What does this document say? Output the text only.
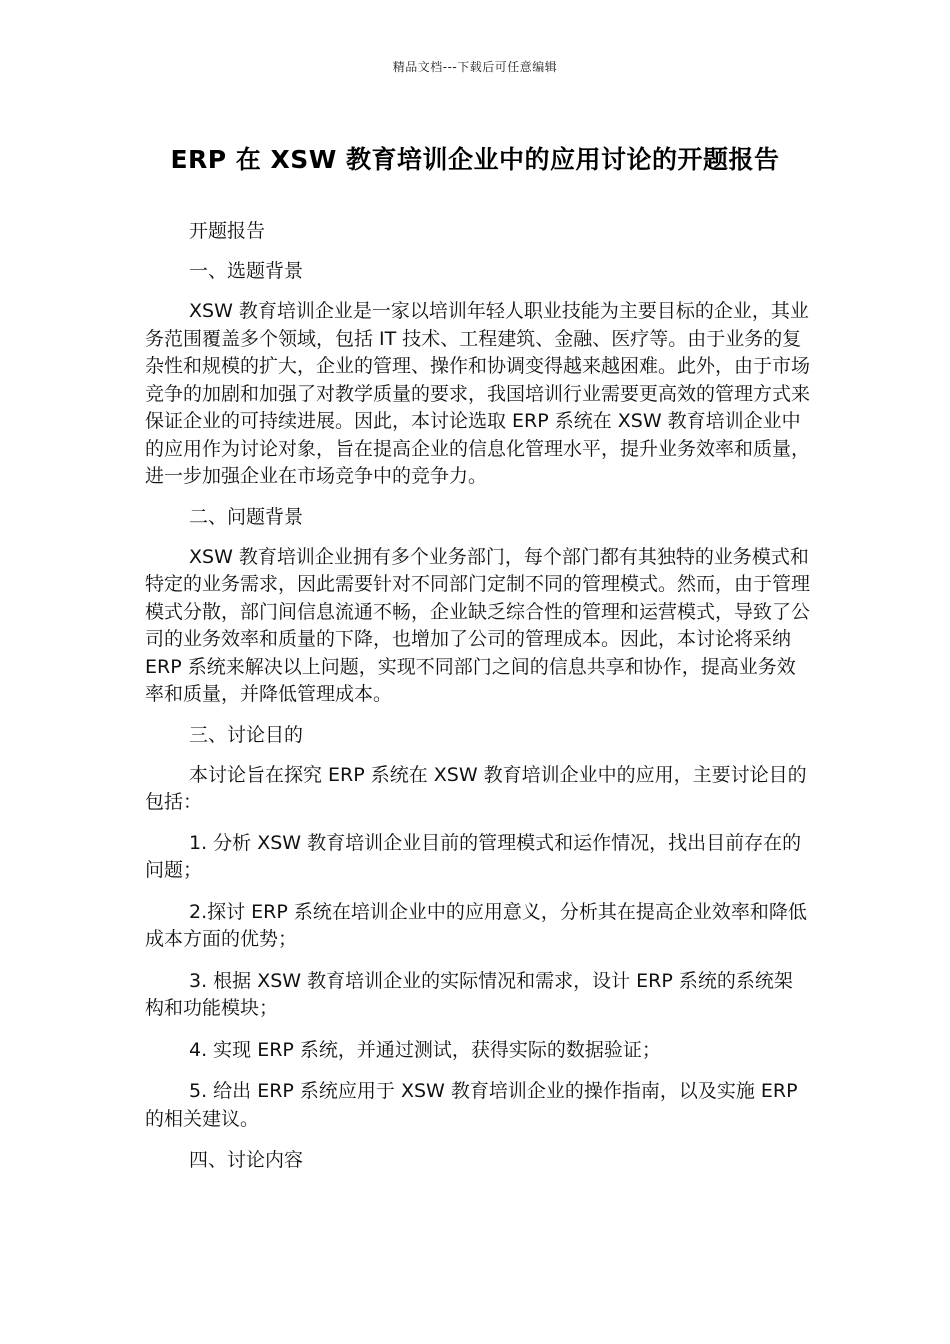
精品文档---下载后可任意编辑
ERP 在 XSW 教育培训企业中的应用讨论的开题报告

开题报告

一、选题背景

XSW 教育培训企业是一家以培训年轻人职业技能为主要目标的企业，其业务范围覆盖多个领域，包括 IT 技术、工程建筑、金融、医疗等。由于业务的复杂性和规模的扩大，企业的管理、操作和协调变得越来越困难。此外，由于市场竞争的加剧和加强了对教学质量的要求，我国培训行业需要更高效的管理方式来保证企业的可持续进展。因此，本讨论选取 ERP 系统在 XSW 教育培训企业中的应用作为讨论对象，旨在提高企业的信息化管理水平，提升业务效率和质量，进一步加强企业在市场竞争中的竞争力。

二、问题背景

XSW 教育培训企业拥有多个业务部门，每个部门都有其独特的业务模式和特定的业务需求，因此需要针对不同部门定制不同的管理模式。然而，由于管理模式分散，部门间信息流通不畅，企业缺乏综合性的管理和运营模式，导致了公司的业务效率和质量的下降，也增加了公司的管理成本。因此，本讨论将采纳 ERP 系统来解决以上问题，实现不同部门之间的信息共享和协作，提高业务效率和质量，并降低管理成本。

三、讨论目的

本讨论旨在探究 ERP 系统在 XSW 教育培训企业中的应用，主要讨论目的包括：

1. 分析 XSW 教育培训企业目前的管理模式和运作情况，找出目前存在的问题；

2.探讨 ERP 系统在培训企业中的应用意义，分析其在提高企业效率和降低成本方面的优势；

3. 根据 XSW 教育培训企业的实际情况和需求，设计 ERP 系统的系统架构和功能模块；

4. 实现 ERP 系统，并通过测试，获得实际的数据验证；

5. 给出 ERP 系统应用于 XSW 教育培训企业的操作指南，以及实施 ERP 的相关建议。

四、讨论内容
